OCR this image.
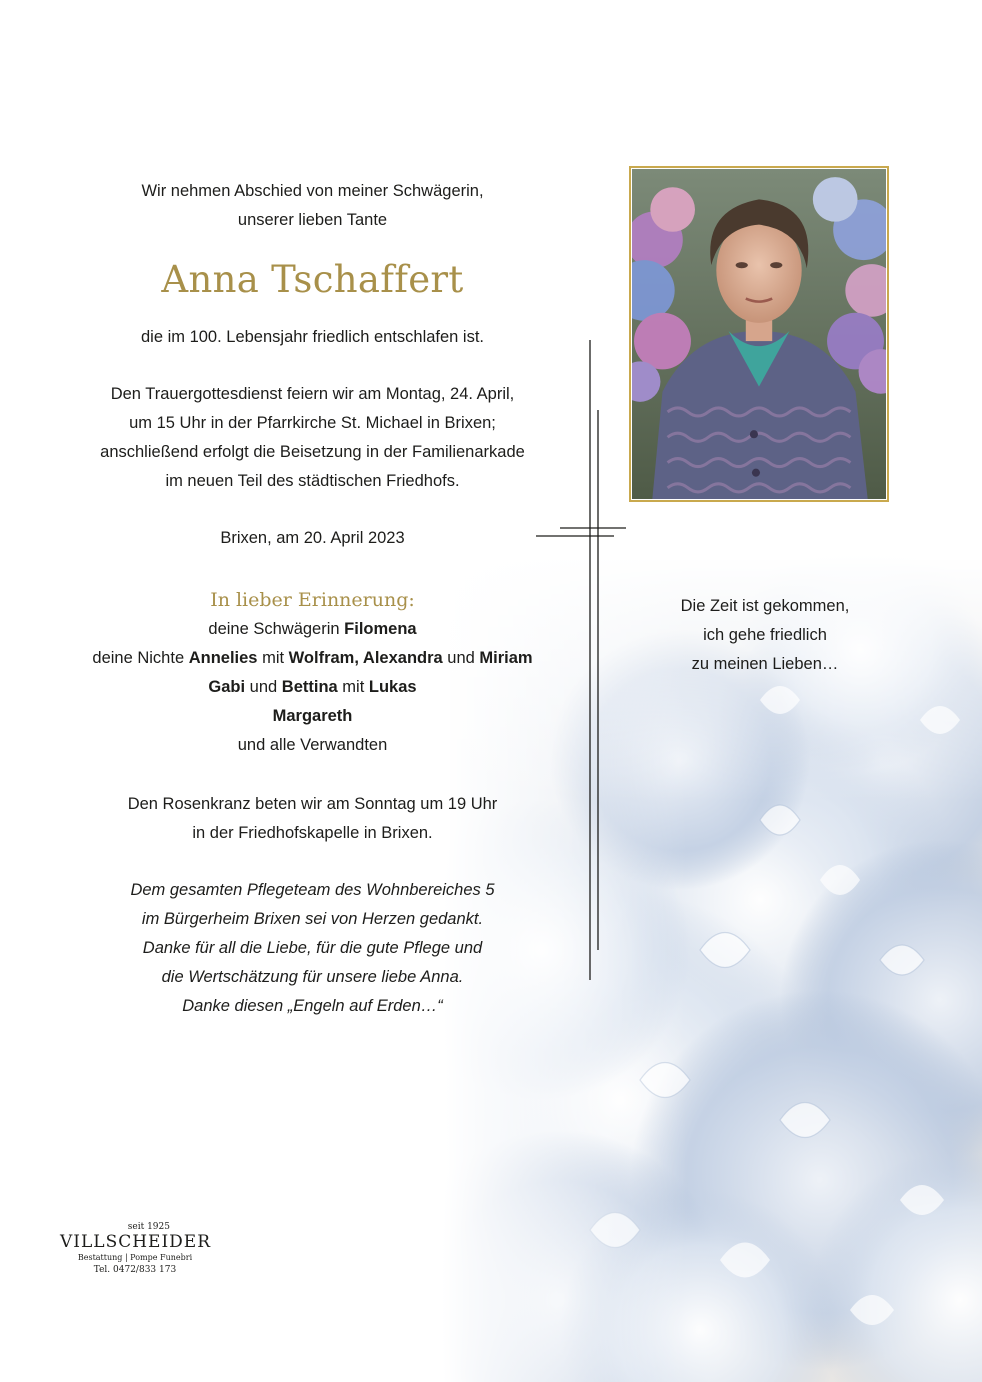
Wir nehmen Abschied von meiner Schwägerin,
unserer lieben Tante
Anna Tschaffert
die im 100. Lebensjahr friedlich entschlafen ist.
Den Trauergottesdienst feiern wir am Montag, 24. April,
um 15 Uhr in der Pfarrkirche St. Michael in Brixen;
anschließend erfolgt die Beisetzung in der Familienarkade
im neuen Teil des städtischen Friedhofs.
Brixen, am 20. April 2023
In lieber Erinnerung:
deine Schwägerin Filomena
deine Nichte Annelies mit Wolfram, Alexandra und Miriam
Gabi und Bettina mit Lukas
Margareth
und alle Verwandten
Den Rosenkranz beten wir am Sonntag um 19 Uhr
in der Friedhofskapelle in Brixen.
Dem gesamten Pflegeteam des Wohnbereiches 5
im Bürgerheim Brixen sei von Herzen gedankt.
Danke für all die Liebe, für die gute Pflege und
die Wertschätzung für unsere liebe Anna.
Danke diesen „Engeln auf Erden…“
Die Zeit ist gekommen,
ich gehe friedlich
zu meinen Lieben…
seit 1925
VILLSCHEIDER
Bestattung | Pompe Funebri
Tel. 0472/833 173
